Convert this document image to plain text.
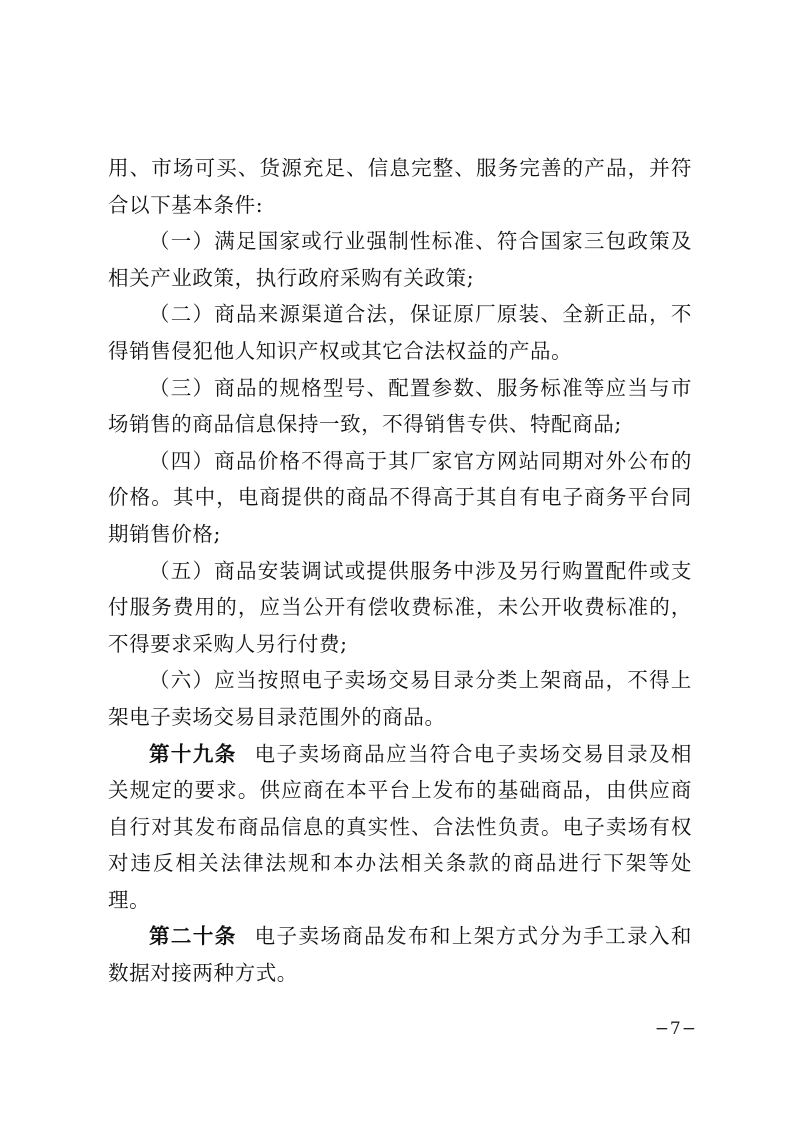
用、市场可买、货源充足、信息完整、服务完善的产品，并符合以下基本条件:

（一）满足国家或行业强制性标准、符合国家三包政策及相关产业政策，执行政府采购有关政策;

（二）商品来源渠道合法，保证原厂原装、全新正品，不得销售侵犯他人知识产权或其它合法权益的产品。

（三）商品的规格型号、配置参数、服务标准等应当与市场销售的商品信息保持一致，不得销售专供、特配商品;

（四）商品价格不得高于其厂家官方网站同期对外公布的价格。其中，电商提供的商品不得高于其自有电子商务平台同期销售价格;

（五）商品安装调试或提供服务中涉及另行购置配件或支付服务费用的，应当公开有偿收费标准，未公开收费标准的，不得要求采购人另行付费;

（六）应当按照电子卖场交易目录分类上架商品，不得上架电子卖场交易目录范围外的商品。

第十九条 电子卖场商品应当符合电子卖场交易目录及相关规定的要求。供应商在本平台上发布的基础商品，由供应商自行对其发布商品信息的真实性、合法性负责。电子卖场有权对违反相关法律法规和本办法相关条款的商品进行下架等处理。

第二十条 电子卖场商品发布和上架方式分为手工录入和数据对接两种方式。

−7−
